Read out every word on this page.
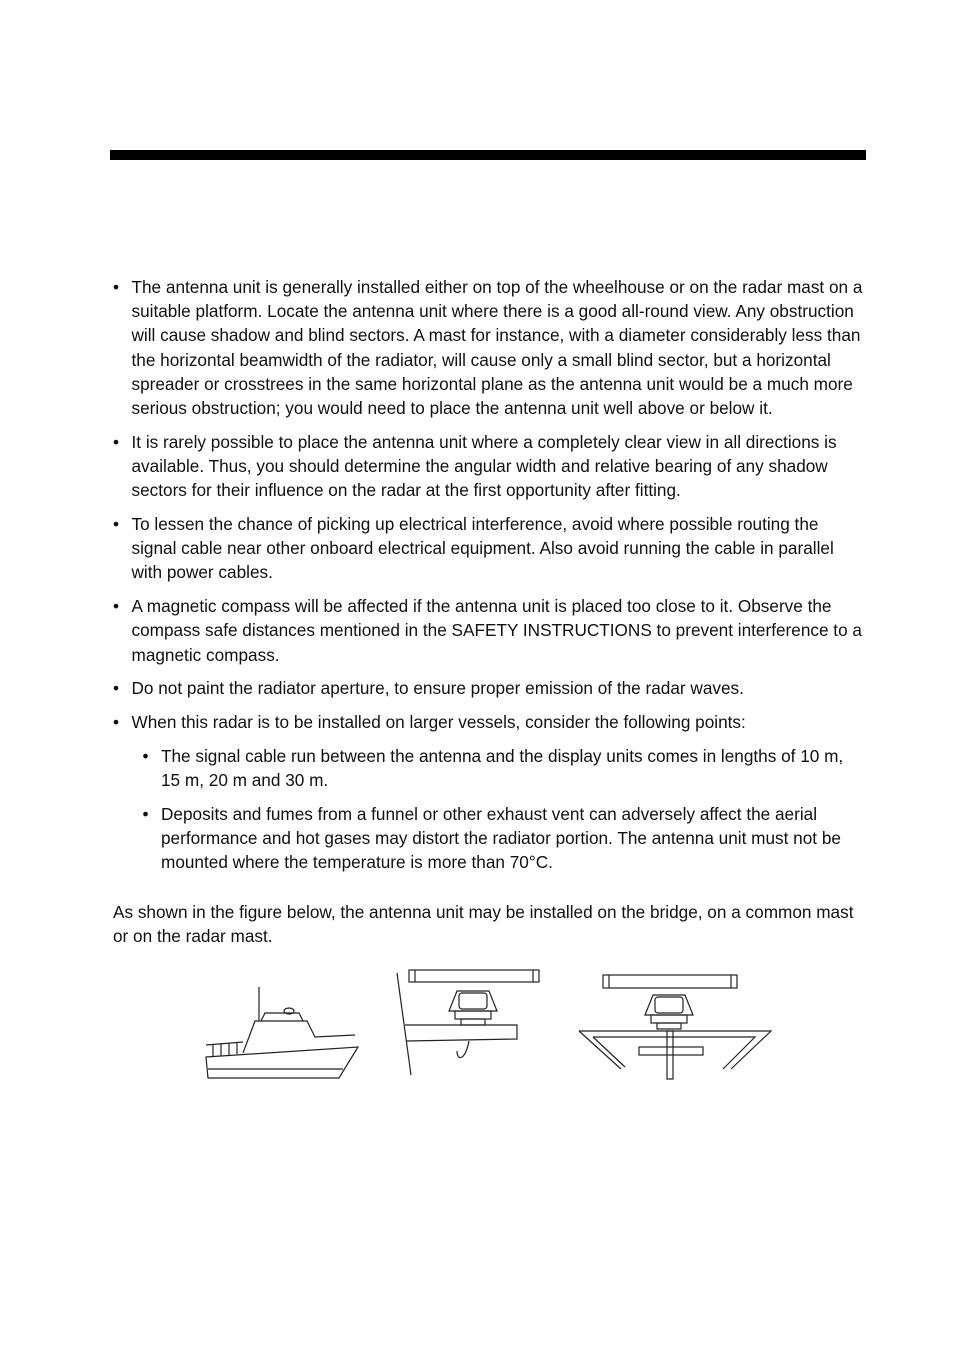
• The antenna unit is generally installed either on top of the wheelhouse or on the radar mast on a suitable platform. Locate the antenna unit where there is a good all-round view. Any obstruction will cause shadow and blind sectors. A mast for instance, with a diameter considerably less than the horizontal beamwidth of the radiator, will cause only a small blind sector, but a horizontal spreader or crosstrees in the same horizontal plane as the antenna unit would be a much more serious obstruction; you would need to place the antenna unit well above or below it.
• It is rarely possible to place the antenna unit where a completely clear view in all directions is available. Thus, you should determine the angular width and relative bearing of any shadow sectors for their influence on the radar at the first opportunity after fitting.
• To lessen the chance of picking up electrical interference, avoid where possible routing the signal cable near other onboard electrical equipment. Also avoid running the cable in parallel with power cables.
• A magnetic compass will be affected if the antenna unit is placed too close to it. Observe the compass safe distances mentioned in the SAFETY INSTRUCTIONS to prevent interference to a magnetic compass.
• Do not paint the radiator aperture, to ensure proper emission of the radar waves.
• When this radar is to be installed on larger vessels, consider the following points:
• The signal cable run between the antenna and the display units comes in lengths of 10 m, 15 m, 20 m and 30 m.
• Deposits and fumes from a funnel or other exhaust vent can adversely affect the aerial performance and hot gases may distort the radiator portion. The antenna unit must not be mounted where the temperature is more than 70°C.
As shown in the figure below, the antenna unit may be installed on the bridge, on a common mast or on the radar mast.
